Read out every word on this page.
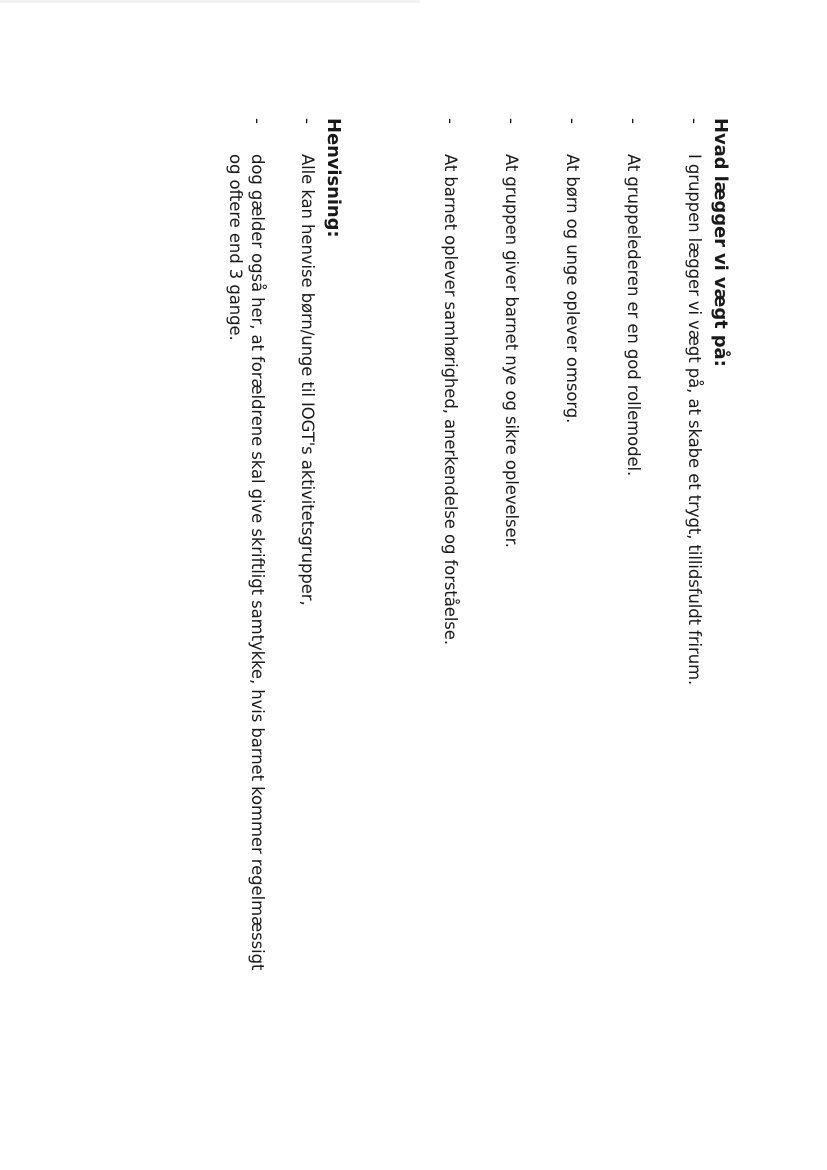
Hvad lægger vi vægt på:
-
I gruppen lægger vi vægt på, at skabe et trygt, tillidsfuldt frirum.
-
At gruppelederen er en god rollemodel.
-
At børn og unge oplever omsorg.
-
At gruppen giver barnet nye og sikre oplevelser.
-
At barnet oplever samhørighed, anerkendelse og forståelse.
Henvisning:
-
Alle kan henvise børn/unge til IOGT's aktivitetsgrupper,
-
dog gælder også her, at forældrene skal give skriftligt samtykke, hvis barnet kommer regelmæssigt
og oftere end 3 gange.
